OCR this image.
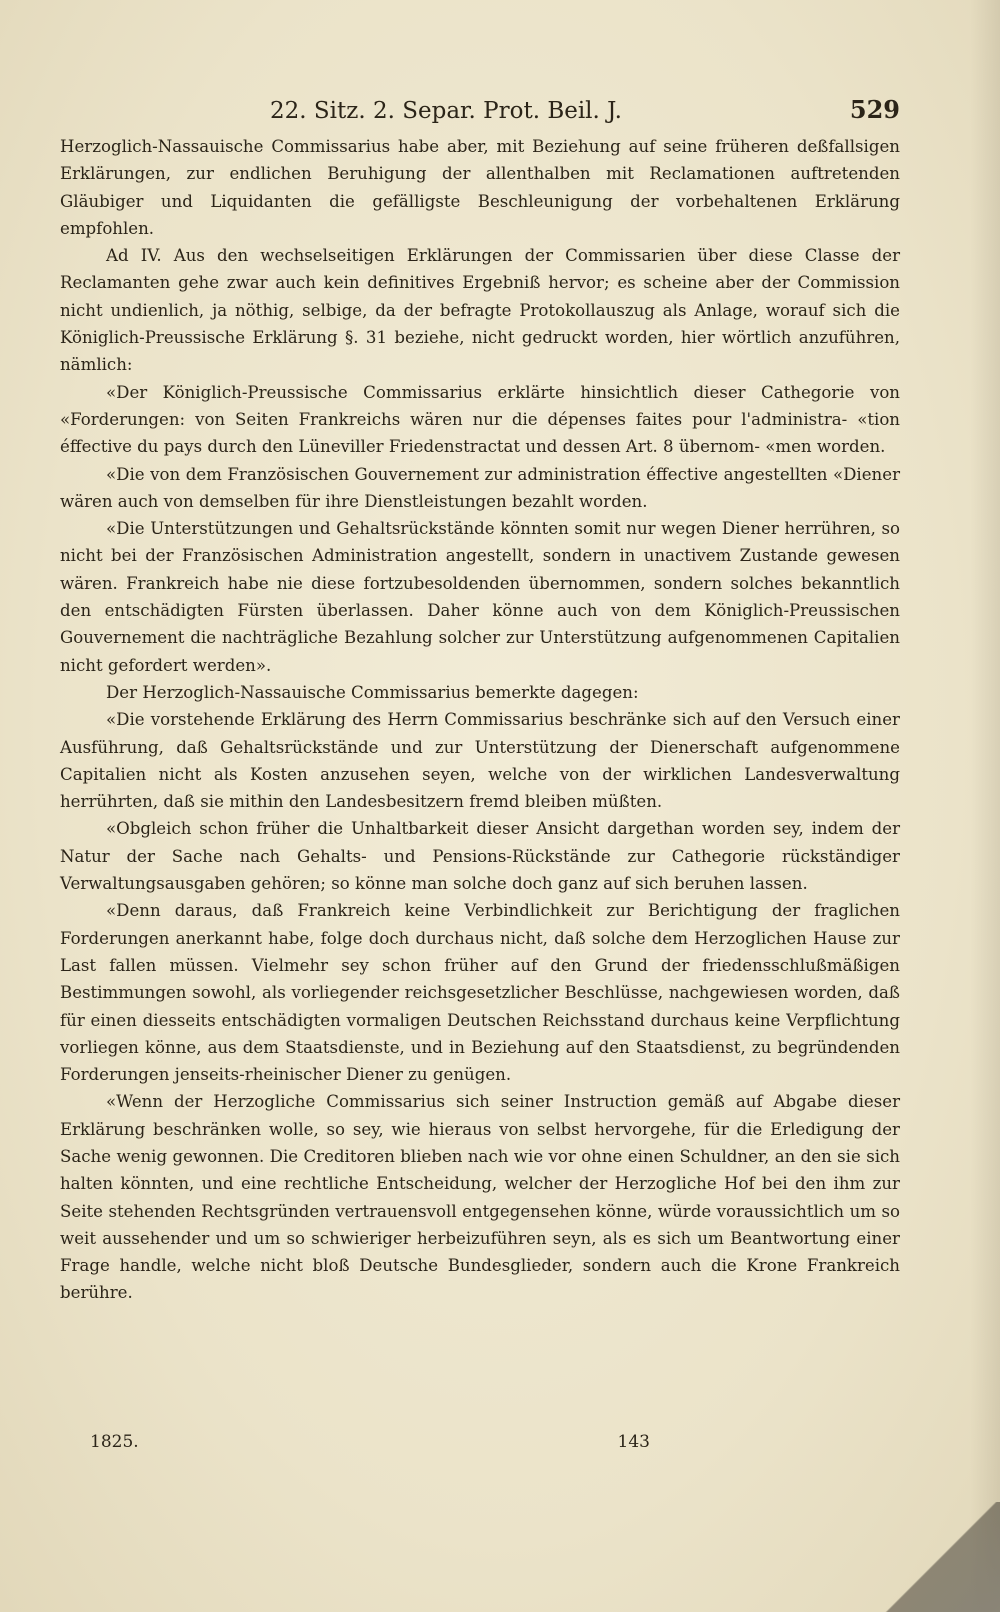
22. Sitz. 2. Separ. Prot. Beil. J.	529

Herzoglich-Nassauische Commissarius habe aber, mit Beziehung auf seine früheren deßfallsigen Erklärungen, zur endlichen Beruhigung der allenthalben mit Reclamationen auftretenden Gläubiger und Liquidanten die gefälligste Beschleunigung der vorbehaltenen Erklärung empfohlen.

Ad IV. Aus den wechselseitigen Erklärungen der Commissarien über diese Classe der Reclamanten gehe zwar auch kein definitives Ergebniß hervor; es scheine aber der Commission nicht undienlich, ja nöthig, selbige, da der befragte Protokollauszug als Anlage, worauf sich die Königlich-Preussische Erklärung §. 31 beziehe, nicht gedruckt worden, hier wörtlich anzuführen, nämlich:

«Der Königlich-Preussische Commissarius erklärte hinsichtlich dieser Cathegorie von «Forderungen: von Seiten Frankreichs wären nur die dépenses faites pour l'administra- «tion éffective du pays durch den Lüneviller Friedenstractat und dessen Art. 8 übernom- «men worden.

«Die von dem Französischen Gouvernement zur administration éffective angestellten «Diener wären auch von demselben für ihre Dienstleistungen bezahlt worden.

«Die Unterstützungen und Gehaltsrückstände könnten somit nur wegen Diener herrühren, so nicht bei der Französischen Administration angestellt, sondern in unactivem Zustande gewesen wären. Frankreich habe nie diese fortzubesoldenden übernommen, sondern solches bekanntlich den entschädigten Fürsten überlassen. Daher könne auch von dem Königlich-Preussischen Gouvernement die nachträgliche Bezahlung solcher zur Unterstützung aufgenommenen Capitalien nicht gefordert werden».

Der Herzoglich-Nassauische Commissarius bemerkte dagegen:

«Die vorstehende Erklärung des Herrn Commissarius beschränke sich auf den Versuch einer Ausführung, daß Gehaltsrückstände und zur Unterstützung der Dienerschaft aufgenommene Capitalien nicht als Kosten anzusehen seyen, welche von der wirklichen Landesverwaltung herrührten, daß sie mithin den Landesbesitzern fremd bleiben müßten.

«Obgleich schon früher die Unhaltbarkeit dieser Ansicht dargethan worden sey, indem der Natur der Sache nach Gehalts- und Pensions-Rückstände zur Cathegorie rückständiger Verwaltungsausgaben gehören; so könne man solche doch ganz auf sich beruhen lassen.

«Denn daraus, daß Frankreich keine Verbindlichkeit zur Berichtigung der fraglichen Forderungen anerkannt habe, folge doch durchaus nicht, daß solche dem Herzoglichen Hause zur Last fallen müssen. Vielmehr sey schon früher auf den Grund der friedensschlußmäßigen Bestimmungen sowohl, als vorliegender reichsgesetzlicher Beschlüsse, nachgewiesen worden, daß für einen diesseits entschädigten vormaligen Deutschen Reichsstand durchaus keine Verpflichtung vorliegen könne, aus dem Staatsdienste, und in Beziehung auf den Staatsdienst, zu begründenden Forderungen jenseits-rheinischer Diener zu genügen.

«Wenn der Herzogliche Commissarius sich seiner Instruction gemäß auf Abgabe dieser Erklärung beschränken wolle, so sey, wie hieraus von selbst hervorgehe, für die Erledigung der Sache wenig gewonnen. Die Creditoren blieben nach wie vor ohne einen Schuldner, an den sie sich halten könnten, und eine rechtliche Entscheidung, welcher der Herzogliche Hof bei den ihm zur Seite stehenden Rechtsgründen vertrauensvoll entgegensehen könne, würde voraussichtlich um so weit aussehender und um so schwieriger herbeizuführen seyn, als es sich um Beantwortung einer Frage handle, welche nicht bloß Deutsche Bundesglieder, sondern auch die Krone Frankreich berühre.

1825.	143
